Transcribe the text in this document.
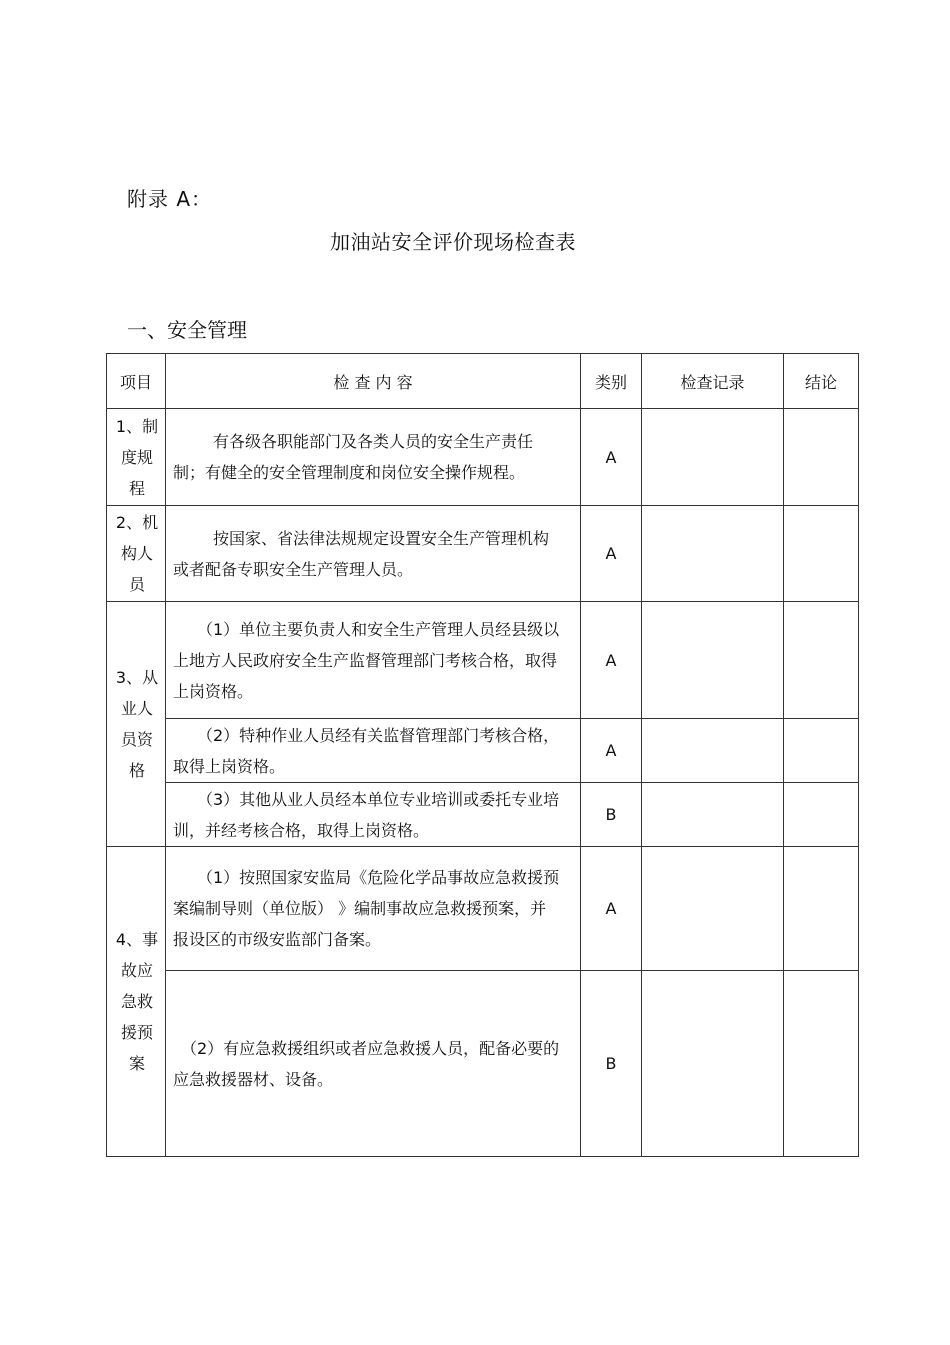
附录 A：
加油站安全评价现场检查表
一、安全管理
项目	检 查 内 容	类别	检查记录	结论
1、制度规程	有各级各职能部门及各类人员的安全生产责任制；有健全的安全管理制度和岗位安全操作规程。	A		
2、机构人员	按国家、省法律法规规定设置安全生产管理机构或者配备专职安全生产管理人员。	A		
3、从业人员资格	（1）单位主要负责人和安全生产管理人员经县级以上地方人民政府安全生产监督管理部门考核合格，取得上岗资格。	A		
	（2）特种作业人员经有关监督管理部门考核合格，取得上岗资格。	A		
	（3）其他从业人员经本单位专业培训或委托专业培训，并经考核合格，取得上岗资格。	B		
4、事故应急救援预案	（1）按照国家安监局《危险化学品事故应急救援预案编制导则（单位版） 》编制事故应急救援预案，并报设区的市级安监部门备案。	A		
	（2）有应急救援组织或者应急救援人员，配备必要的应急救援器材、设备。	B		
